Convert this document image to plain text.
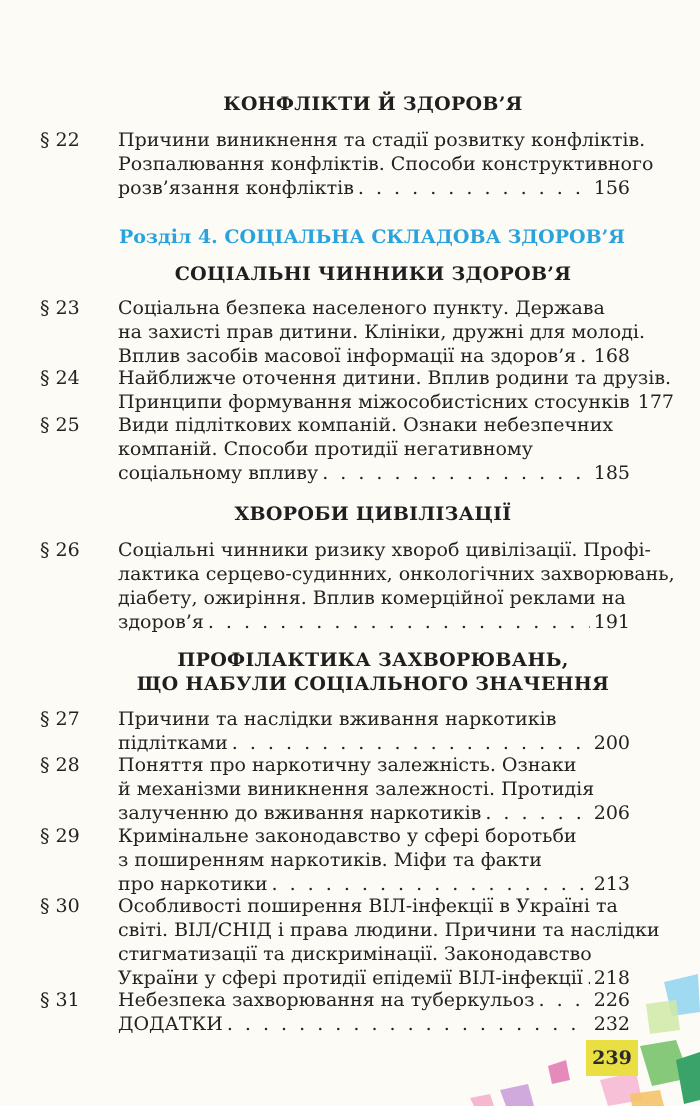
КОНФЛІКТИ Й ЗДОРОВ’Я
§ 22	Причини виникнення та стадії розвитку конфліктів.
Розпалювання конфліктів. Способи конструктивного
розв’язання конфліктів . . .	156
Розділ 4. СОЦІАЛЬНА СКЛАДОВА ЗДОРОВ’Я
СОЦІАЛЬНІ ЧИННИКИ ЗДОРОВ’Я
§ 23	Соціальна безпека населеного пункту. Держава
на захисті прав дитини. Клініки, дружні для молоді.
Вплив засобів масової інформації на здоров’я . . . 168
§ 24	Найближче оточення дитини. Вплив родини та друзів.
Принципи формування міжособистісних стосунків 177
§ 25	Види підліткових компаній. Ознаки небезпечних
компаній. Способи протидії негативному
соціальному впливу . . .	185
ХВОРОБИ ЦИВІЛІЗАЦІЇ
§ 26	Соціальні чинники ризику хвороб цивілізації. Профі-
лактика серцево-судинних, онкологічних захворювань,
діабету, ожиріння. Вплив комерційної реклами на
здоров’я . . .	191
ПРОФІЛАКТИКА ЗАХВОРЮВАНЬ,
ЩО НАБУЛИ СОЦІАЛЬНОГО ЗНАЧЕННЯ
§ 27	Причини та наслідки вживання наркотиків
підлітками . . .	200
§ 28	Поняття про наркотичну залежність. Ознаки
й механізми виникнення залежності. Протидія
залученню до вживання наркотиків . . .	206
§ 29	Кримінальне законодавство у сфері боротьби
з поширенням наркотиків. Міфи та факти
про наркотики . . .	213
§ 30	Особливості поширення ВІЛ-інфекції в Україні та
світі. ВІЛ/СНІД і права людини. Причини та наслідки
стигматизації та дискримінації. Законодавство
України у сфері протидії епідемії ВІЛ-інфекції . . . 218
§ 31	Небезпека захворювання на туберкульоз . . .	226
ДОДАТКИ . . .	232
239
